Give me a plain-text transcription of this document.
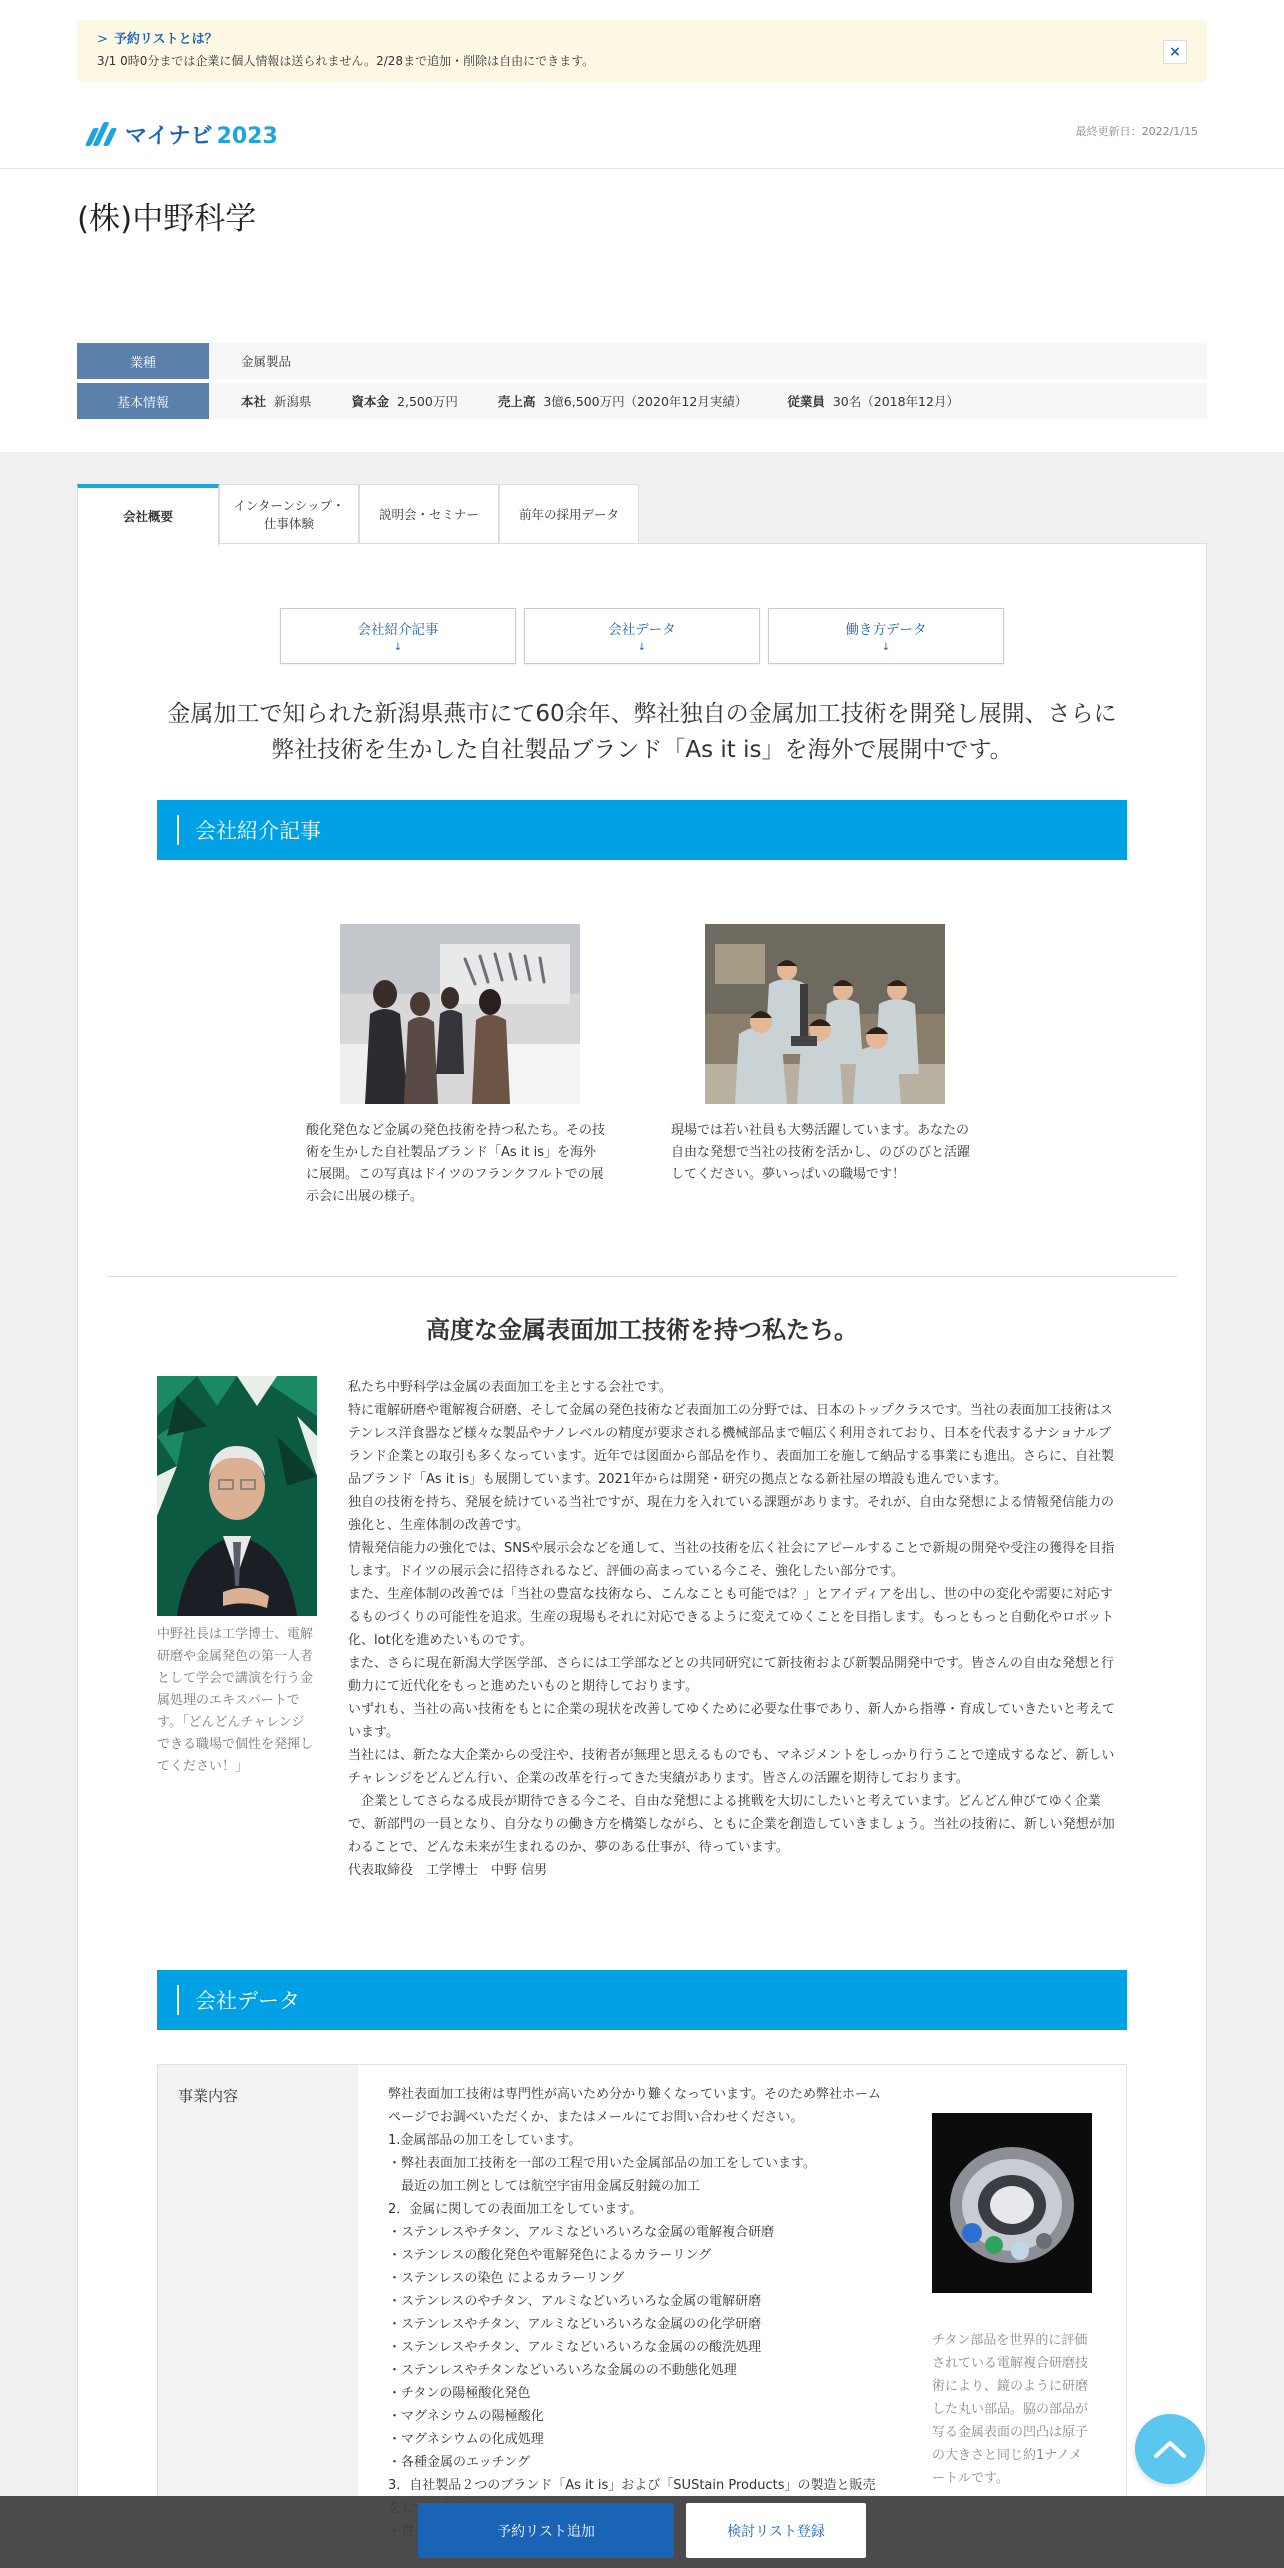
> 予約リストとは？
3/1 0時0分までは企業に個人情報は送られません。2/28まで追加・削除は自由にできます。
×
マイナビ 2023	最終更新日：2022/1/15
(株)中野科学
業種	金属製品
基本情報	本社 新潟県	資本金 2,500万円	売上高 3億6,500万円（2020年12月実績）	従業員 30名（2018年12月）
会社概要
インターンシップ・
仕事体験
説明会・セミナー	前年の採用データ
会社紹介記事
↓
会社データ
↓
働き方データ
↓

金属加工で知られた新潟県燕市にて60余年、弊社独自の金属加工技術を開発し展開、さらに弊社技術を生かした自社製品ブランド「As it is」を海外で展開中です。

会社紹介記事
酸化発色など金属の発色技術を持つ私たち。その技術を生かした自社製品ブランド「As it is」を海外に展開。この写真はドイツのフランクフルトでの展示会に出展の様子。
現場では若い社員も大勢活躍しています。あなたの自由な発想で当社の技術を活かし、のびのびと活躍してください。夢いっぱいの職場です！
高度な金属表面加工技術を持つ私たち。

中野社長は工学博士、電解研磨や金属発色の第一人者として学会で講演を行う金属処理のエキスパートです。「どんどんチャレンジできる職場で個性を発揮してください！」

私たち中野科学は金属の表面加工を主とする会社です。

特に電解研磨や電解複合研磨、そして金属の発色技術など表面加工の分野では、日本のトップクラスです。当社の表面加工技術はステンレス洋食器など様々な製品やナノレベルの精度が要求される機械部品まで幅広く利用されており、日本を代表するナショナルブランド企業との取引も多くなっています。近年では図面から部品を作り、表面加工を施して納品する事業にも進出。さらに、自社製品ブランド「As it is」も展開しています。2021年からは開発・研究の拠点となる新社屋の増設も進んでいます。

独自の技術を持ち、発展を続けている当社ですが、現在力を入れている課題があります。それが、自由な発想による情報発信能力の強化と、生産体制の改善です。

情報発信能力の強化では、SNSや展示会などを通して、当社の技術を広く社会にアピールすることで新規の開発や受注の獲得を目指します。ドイツの展示会に招待されるなど、評価の高まっている今こそ、強化したい部分です。

また、生産体制の改善では「当社の豊富な技術なら、こんなことも可能では？」とアイディアを出し、世の中の変化や需要に対応するものづくりの可能性を追求。生産の現場もそれに対応できるように変えてゆくことを目指します。もっともっと自動化やロボット化、lot化を進めたいものです。

また、さらに現在新潟大学医学部、さらには工学部などとの共同研究にて新技術および新製品開発中です。皆さんの自由な発想と行動力にて近代化をもっと進めたいものと期待しております。

いずれも、当社の高い技術をもとに企業の現状を改善してゆくために必要な仕事であり、新人から指導・育成していきたいと考えています。

当社には、新たな大企業からの受注や、技術者が無理と思えるものでも、マネジメントをしっかり行うことで達成するなど、新しいチャレンジをどんどん行い、企業の改革を行ってきた実績があります。皆さんの活躍を期待しております。

　企業としてさらなる成長が期待できる今こそ、自由な発想による挑戦を大切にしたいと考えています。どんどん伸びてゆく企業で、新部門の一員となり、自分なりの働き方を構築しながら、ともに企業を創造していきましょう。当社の技術に、新しい発想が加わることで、どんな未来が生まれるのか、夢のある仕事が、待っています。

代表取締役　工学博士　中野 信男

会社データ
事業内容	弊社表面加工技術は専門性が高いため分かり難くなっています。そのため弊社ホームページでお調べいただくか、またはメールにてお問い合わせください。
1.金属部品の加工をしています。
・弊社表面加工技術を一部の工程で用いた金属部品の加工をしています。
　最近の加工例としては航空宇宙用金属反射鏡の加工
2．金属に関しての表面加工をしています。
・ステンレスやチタン、アルミなどいろいろな金属の電解複合研磨
・ステンレスの酸化発色や電解発色によるカラーリング
・ステンレスの染色 によるカラーリング
・ステンレスのやチタン、アルミなどいろいろな金属の電解研磨
・ステンレスやチタン、アルミなどいろいろな金属のの化学研磨
・ステンレスやチタン、アルミなどいろいろな金属のの酸洗処理
・ステンレスやチタンなどいろいろな金属のの不動態化処理
・チタンの陽極酸化発色
・マグネシウムの陽極酸化
・マグネシウムの化成処理
・各種金属のエッチング
3．自社製品２つのブランド「As it is」および「SUStain Products」の製造と販売
チタン部品を世界的に評価されている電解複合研磨技術により、鏡のように研磨した丸い部品。脇の部品が写る金属表面の凹凸は原子の大きさと同じ約1ナノメートルです。
予約リスト追加	検討リスト登録
